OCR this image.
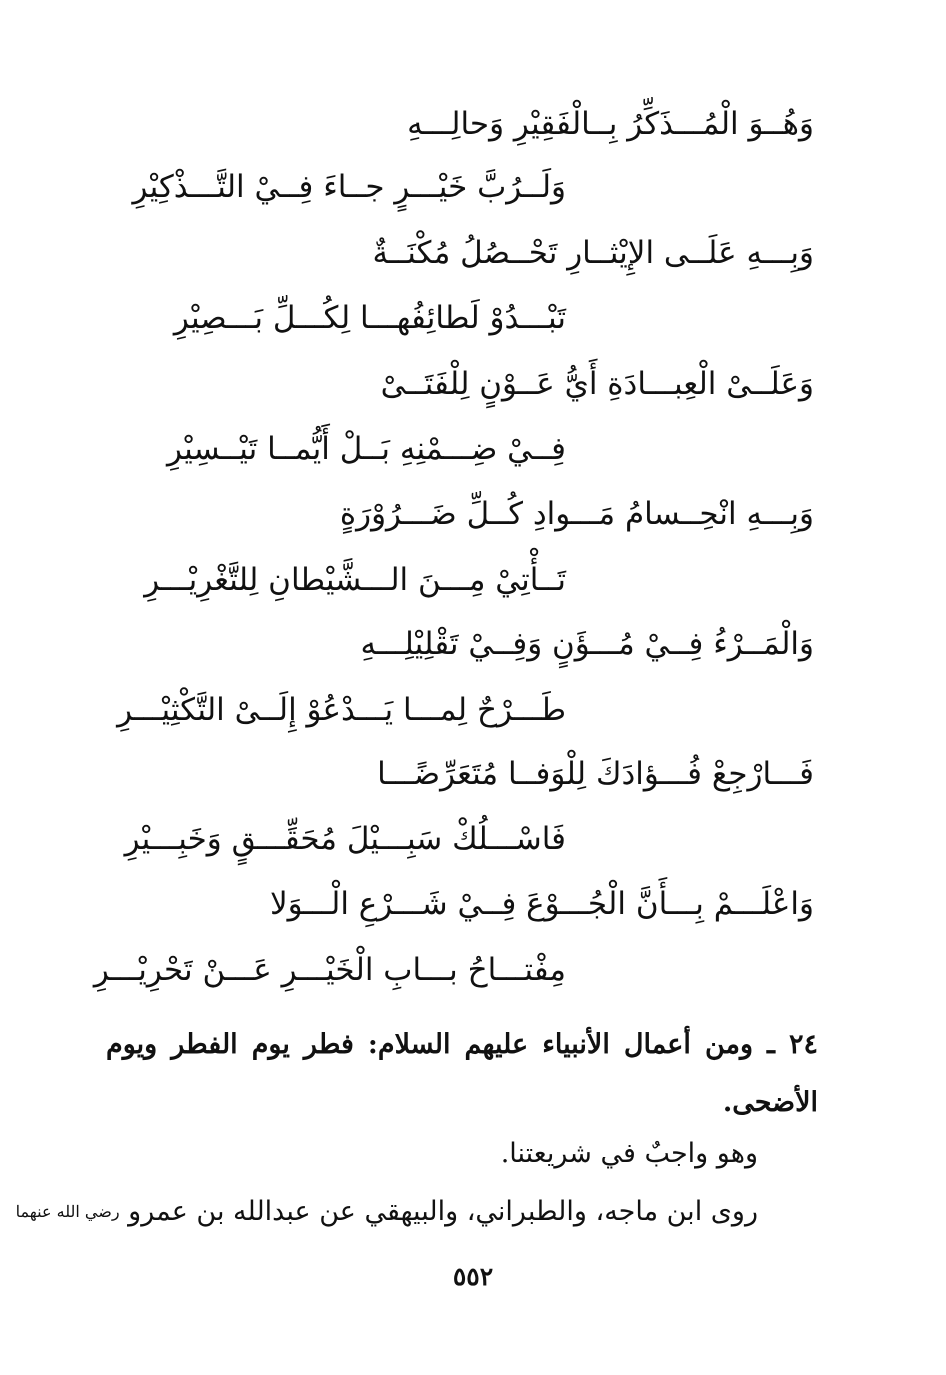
وَهُــوَ الْمُـــذَكِّرُ بِــالْفَقِيْرِ وَحالِـــهِ
وَلَــرُبَّ خَيْـــرٍ جــاءَ فِــيْ التَّـــذْكِيْرِ
وَبِـــهِ عَلَــى الإِيْثــارِ تَحْــصُلُ مُكْنَــةٌ
تَبْـــدُوْ لَطائِفُهـــا لِكُـــلِّ بَـــصِيْرِ
وَعَلَــىْ الْعِبـــادَةِ أَيُّ عَــوْنٍ لِلْفَتَــىْ
فِــيْ ضِـــمْنِهِ بَــلْ أَيُّمــا تَيْــسِيْرِ
وَبِـــهِ انْحِــسامُ مَـــوادِ كُــلِّ ضَـــرُوْرَةٍ
تَــأْتِيْ مِـــنَ الـــشَّيْطانِ لِلتَّغْرِيْـــرِ
وَالْمَــرْءُ فِــيْ مُـــؤَنٍ وَفِــيْ تَقْلِيْلِـــهِ
طَـــرْحٌ لِمـــا يَـــدْعُوْ إِلَــىْ التَّكْثِيْـــرِ
فَـــارْجِعْ فُـــؤادَكَ لِلْوَفــا مُتَعَرِّضًـــا
فَاسْـــلُكْ سَبِـــيْلَ مُحَقِّـــقٍ وَخَبِـــيْرِ
وَاعْلَـــمْ بِـــأَنَّ الْجُـــوْعَ فِــيْ شَـــرْعِ الْـــوَلا
مِفْتـــاحُ بـــابِ الْخَيْـــرِ عَـــنْ تَحْرِيْـــرِ
٢٤ ـ ومن أعمال الأنبياء عليهم السلام: فطر يوم الفطر ويوم الأضحى.
وهو واجبٌ في شريعتنا.
روى ابن ماجه، والطبراني، والبيهقي عن عبدالله بن عمرو $^{رضي الله عنهما}$
٥٥٢
